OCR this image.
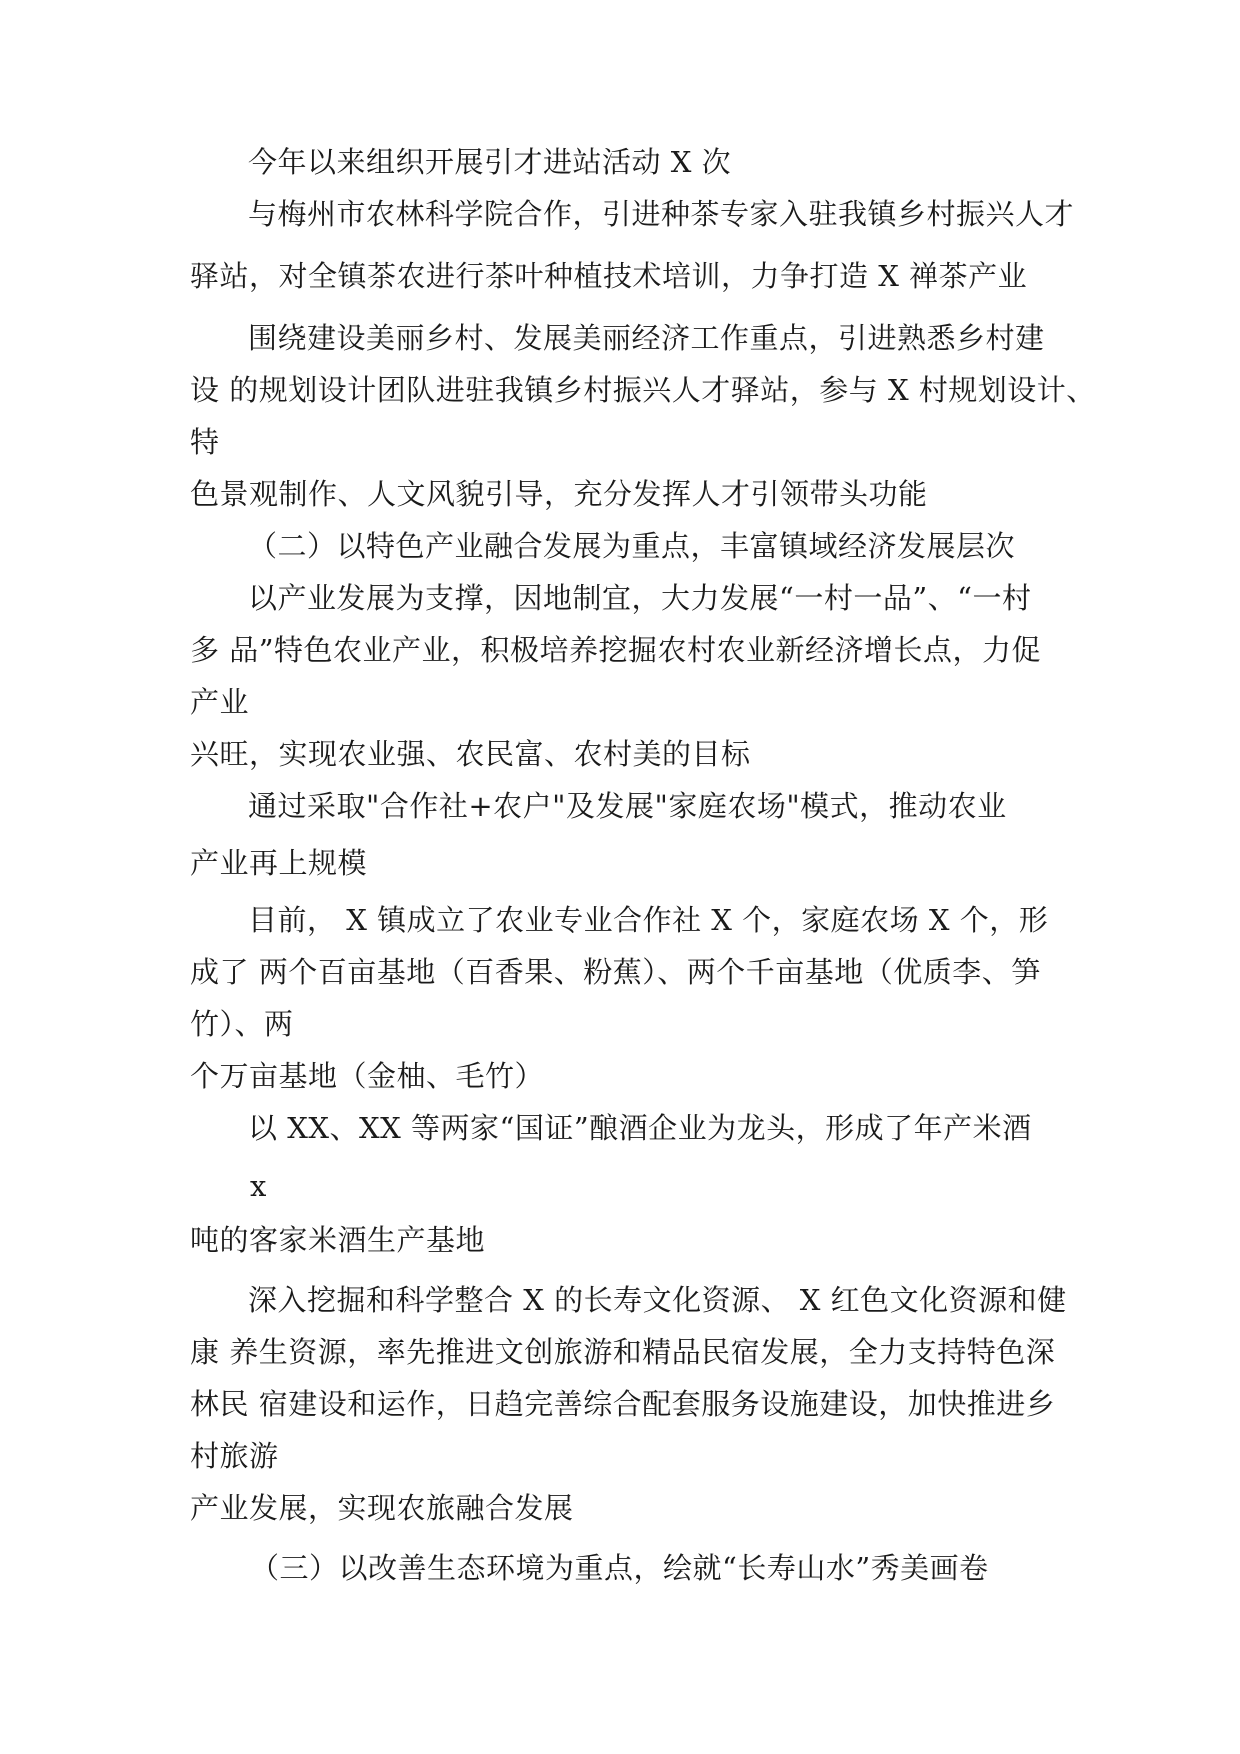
今年以来组织开展引才进站活动 X 次
与梅州市农林科学院合作，引进种茶专家入驻我镇乡村振兴人才
驿站，对全镇茶农进行茶叶种植技术培训，力争打造 X 禅茶产业
围绕建设美丽乡村、发展美丽经济工作重点，引进熟悉乡村建
设 的规划设计团队进驻我镇乡村振兴人才驿站，参与 X 村规划设计、
特
色景观制作、人文风貌引导，充分发挥人才引领带头功能
（二）以特色产业融合发展为重点，丰富镇域经济发展层次
以产业发展为支撑，因地制宜，大力发展“一村一品”、“一村
多 品”特色农业产业，积极培养挖掘农村农业新经济增长点，力促
产业
兴旺，实现农业强、农民富、农村美的目标
通过采取"合作社+农户"及发展"家庭农场"模式，推动农业
产业再上规模
目前， X 镇成立了农业专业合作社 X 个，家庭农场 X 个，形
成了 两个百亩基地（百香果、粉蕉）、两个千亩基地（优质李、笋
竹）、两
个万亩基地（金柚、毛竹）
以 XX、XX 等两家“国证”酿酒企业为龙头，形成了年产米酒
x
吨的客家米酒生产基地
深入挖掘和科学整合 X 的长寿文化资源、 X 红色文化资源和健
康 养生资源，率先推进文创旅游和精品民宿发展，全力支持特色深
林民 宿建设和运作，日趋完善综合配套服务设施建设，加快推进乡
村旅游
产业发展，实现农旅融合发展
（三）以改善生态环境为重点，绘就“长寿山水”秀美画卷
